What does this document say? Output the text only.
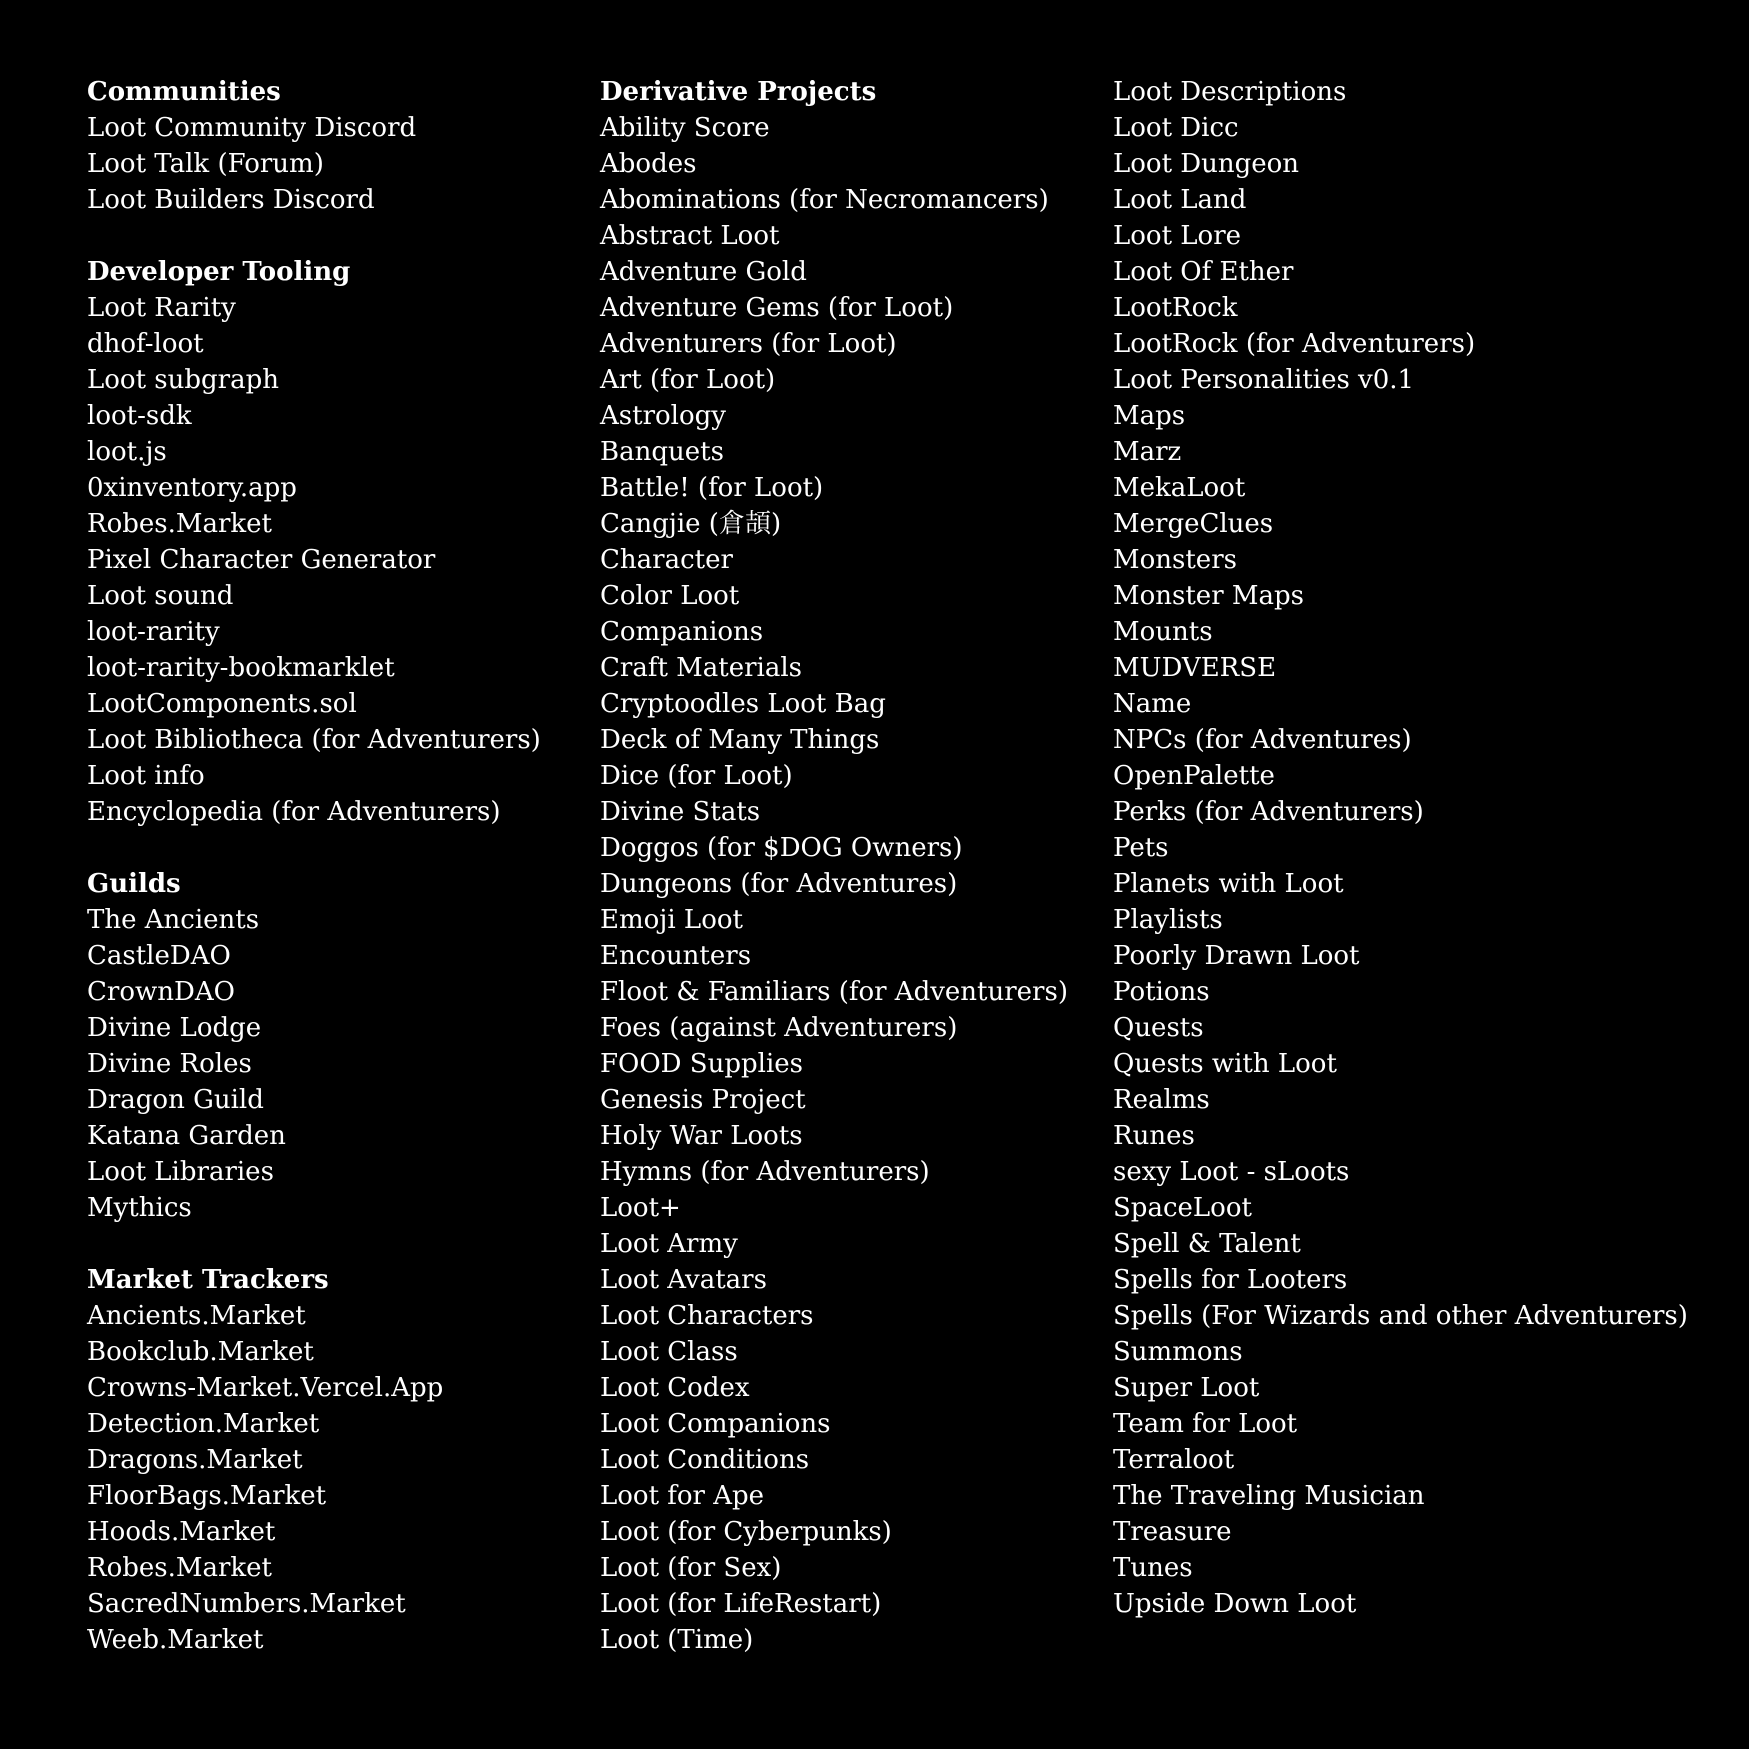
Communities
Loot Community Discord
Loot Talk (Forum)
Loot Builders Discord
Developer Tooling
Loot Rarity
dhof-loot
Loot subgraph
loot-sdk
loot.js
0xinventory.app
Robes.Market
Pixel Character Generator
Loot sound
loot-rarity
loot-rarity-bookmarklet
LootComponents.sol
Loot Bibliotheca (for Adventurers)
Loot info
Encyclopedia (for Adventurers)
Guilds
The Ancients
CastleDAO
CrownDAO
Divine Lodge
Divine Roles
Dragon Guild
Katana Garden
Loot Libraries
Mythics
Market Trackers
Ancients.Market
Bookclub.Market
Crowns-Market.Vercel.App
Detection.Market
Dragons.Market
FloorBags.Market
Hoods.Market
Robes.Market
SacredNumbers.Market
Weeb.Market
Derivative Projects
Ability Score
Abodes
Abominations (for Necromancers)
Abstract Loot
Adventure Gold
Adventure Gems (for Loot)
Adventurers (for Loot)
Art (for Loot)
Astrology
Banquets
Battle! (for Loot)
Cangjie (倉頡)
Character
Color Loot
Companions
Craft Materials
Cryptoodles Loot Bag
Deck of Many Things
Dice (for Loot)
Divine Stats
Doggos (for $DOG Owners)
Dungeons (for Adventures)
Emoji Loot
Encounters
Floot & Familiars (for Adventurers)
Foes (against Adventurers)
FOOD Supplies
Genesis Project
Holy War Loots
Hymns (for Adventurers)
Loot+
Loot Army
Loot Avatars
Loot Characters
Loot Class
Loot Codex
Loot Companions
Loot Conditions
Loot for Ape
Loot (for Cyberpunks)
Loot (for Sex)
Loot (for LifeRestart)
Loot (Time)
Loot Descriptions
Loot Dicc
Loot Dungeon
Loot Land
Loot Lore
Loot Of Ether
LootRock
LootRock (for Adventurers)
Loot Personalities v0.1
Maps
Marz
MekaLoot
MergeClues
Monsters
Monster Maps
Mounts
MUDVERSE
Name
NPCs (for Adventures)
OpenPalette
Perks (for Adventurers)
Pets
Planets with Loot
Playlists
Poorly Drawn Loot
Potions
Quests
Quests with Loot
Realms
Runes
sexy Loot - sLoots
SpaceLoot
Spell & Talent
Spells for Looters
Spells (For Wizards and other Adventurers)
Summons
Super Loot
Team for Loot
Terraloot
The Traveling Musician
Treasure
Tunes
Upside Down Loot
